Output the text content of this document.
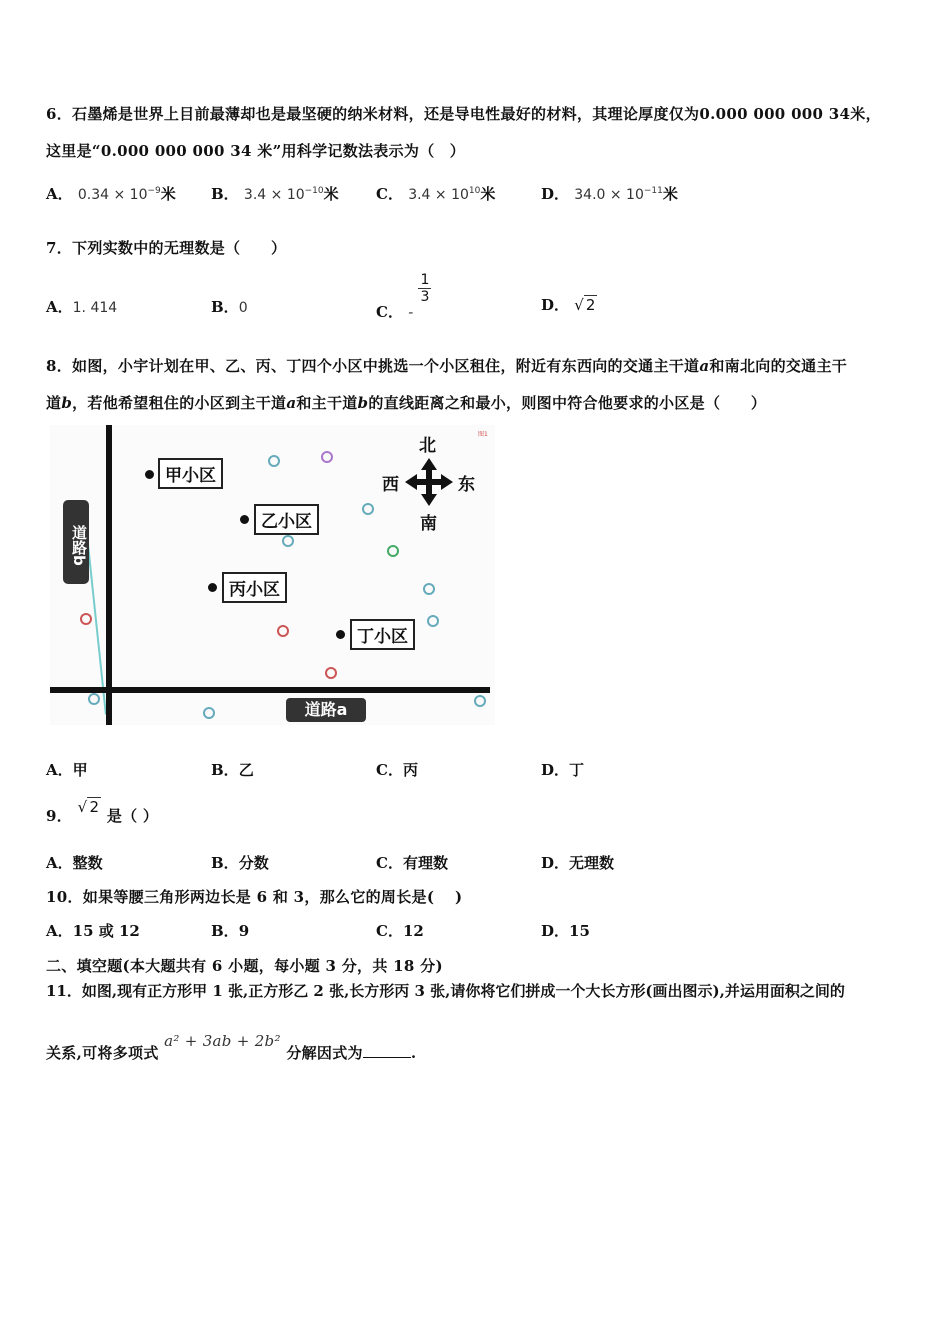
6．石墨烯是世界上目前最薄却也是最坚硬的纳米材料，还是导电性最好的材料，其理论厚度仅为0.000 000 000 34米，
这里是“0.000 000 000 34 米”用科学记数法表示为（　）
A． $0.34 \times 10^{-9}$米 B． $3.4 \times 10^{-10}$米 C． $3.4 \times 10^{10}$米	D． $34.0 \times 10^{-11}$米
7．下列实数中的无理数是（　　）
A．1. 414	B．0	C． -
$\frac{1}{3}$	D． √ 2
8．如图，小宇计划在甲、乙、丙、丁四个小区中挑选一个小区租住，附近有东西向的交通主干道a和南北向的交通主干
道b，若他希望租住的小区到主干道a和主干道b的直线距离之和最小，则图中符合他要求的小区是（　　）
道路b
道路a
北
西	东
南
图1
甲小区
乙小区
丙小区
丁小区
A．甲	B．乙	C．丙	D．丁
9． √ 2 是（ ）
A．整数	B．分数	C．有理数	D．无理数
10．如果等腰三角形两边长是 6 和 3，那么它的周长是(　 )
A．15 或 12	B．9	C．12	D．15
二、填空题(本大题共有 6 小题，每小题 3 分，共 18 分)
11．如图,现有正方形甲 1 张,正方形乙 2 张,长方形丙 3 张,请你将它们拼成一个大长方形(画出图示),并运用面积之间的
关系,可将多项式 a² + 3ab + 2b² 分解因式为	.
